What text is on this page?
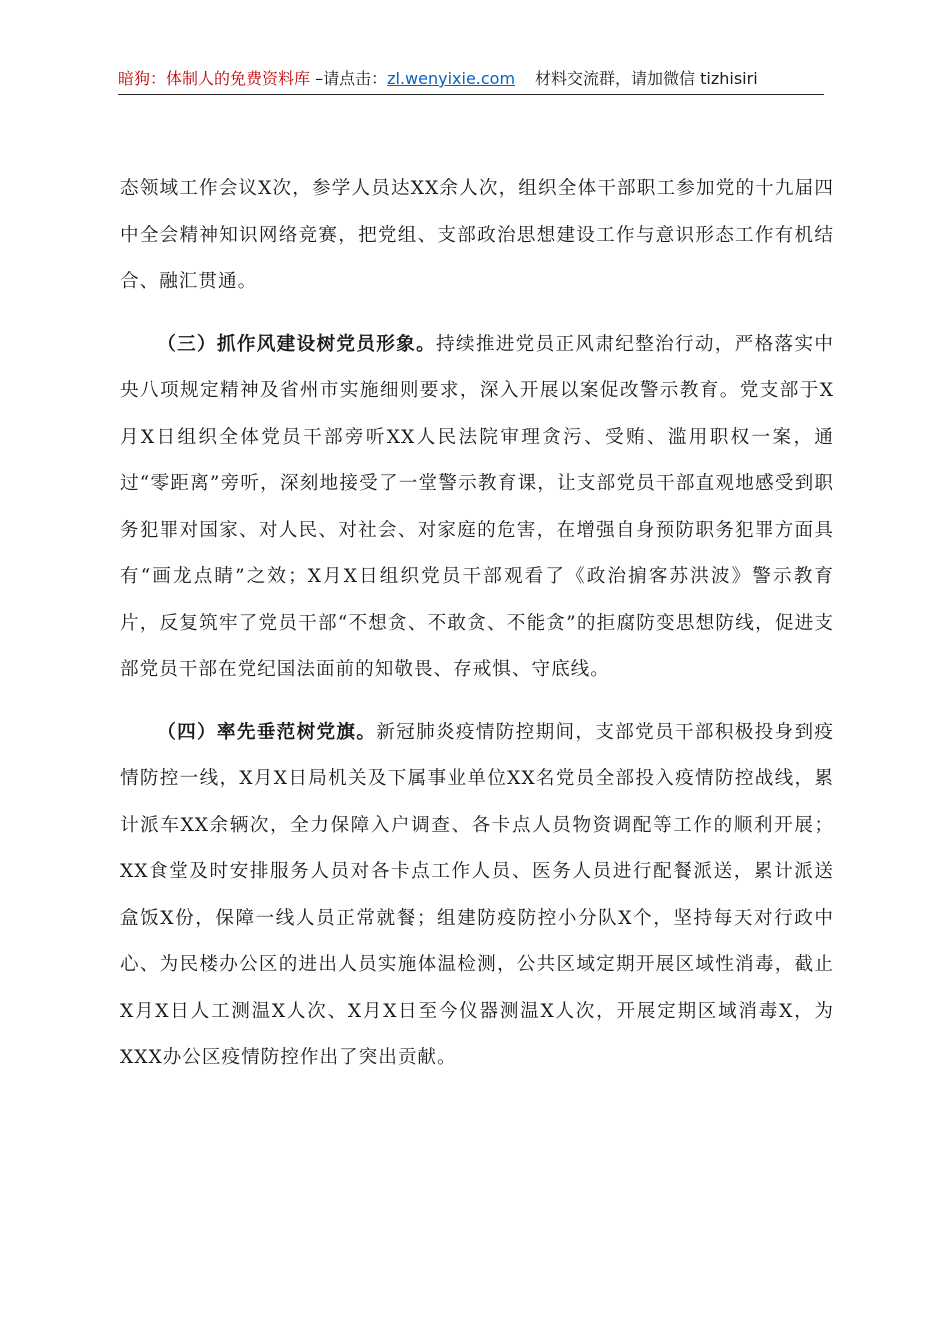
暗狗：体制人的免费资料库 –请点击：zl.wenyixie.com 材料交流群，请加微信 tizhisiri

态领域工作会议X次，参学人员达XX余人次，组织全体干部职工参加党的十九届四中全会精神知识网络竞赛，把党组、支部政治思想建设工作与意识形态工作有机结合、融汇贯通。

（三）抓作风建设树党员形象。持续推进党员正风肃纪整治行动，严格落实中央八项规定精神及省州市实施细则要求，深入开展以案促改警示教育。党支部于X月X日组织全体党员干部旁听XX人民法院审理贪污、受贿、滥用职权一案，通过“零距离”旁听，深刻地接受了一堂警示教育课，让支部党员干部直观地感受到职务犯罪对国家、对人民、对社会、对家庭的危害，在增强自身预防职务犯罪方面具有“画龙点睛”之效；X月X日组织党员干部观看了《政治掮客苏洪波》警示教育片，反复筑牢了党员干部“不想贪、不敢贪、不能贪”的拒腐防变思想防线，促进支部党员干部在党纪国法面前的知敬畏、存戒惧、守底线。

（四）率先垂范树党旗。新冠肺炎疫情防控期间，支部党员干部积极投身到疫情防控一线，X月X日局机关及下属事业单位XX名党员全部投入疫情防控战线，累计派车XX余辆次，全力保障入户调查、各卡点人员物资调配等工作的顺利开展；XX食堂及时安排服务人员对各卡点工作人员、医务人员进行配餐派送，累计派送盒饭X份，保障一线人员正常就餐；组建防疫防控小分队X个，坚持每天对行政中心、为民楼办公区的进出人员实施体温检测，公共区域定期开展区域性消毒，截止X月X日人工测温X人次、X月X日至今仪器测温X人次，开展定期区域消毒X，为XXX办公区疫情防控作出了突出贡献。
